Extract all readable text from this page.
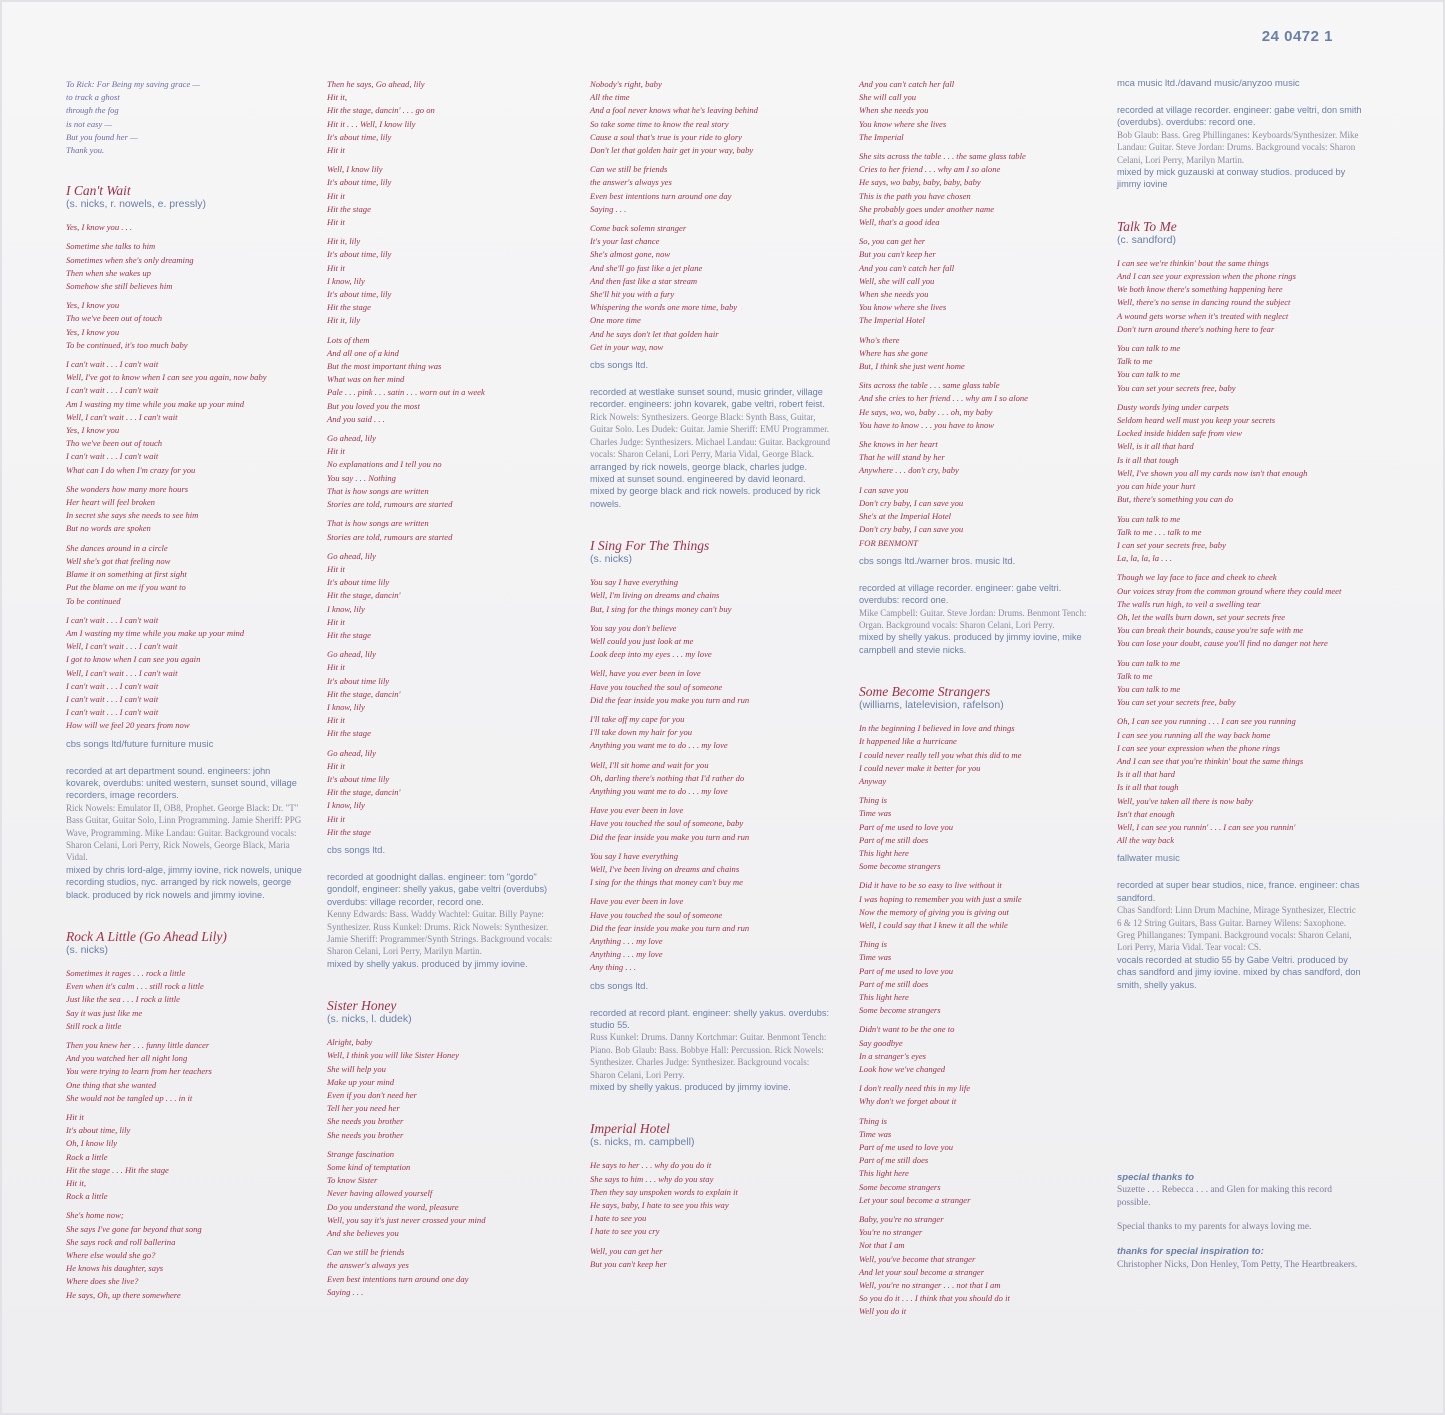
24 0472 1
To Rick: For Being my saving grace —
to track a ghost
through the fog
is not easy —
But you found her —
Thank you.
I Can't Wait
(s. nicks, r. nowels, e. pressly)
Yes, I know you . . .
Sometime she talks to him
Sometimes when she's only dreaming
Then when she wakes up
Somehow she still believes him
Yes, I know you
Tho we've been out of touch
Yes, I know you
To be continued, it's too much baby
I can't wait . . . I can't wait
Well, I've got to know when I can see you again, now baby
I can't wait . . . I can't wait
Am I wasting my time while you make up your mind
Well, I can't wait . . . I can't wait
Yes, I know you
Tho we've been out of touch
I can't wait . . . I can't wait
What can I do when I'm crazy for you
She wonders how many more hours
Her heart will feel broken
In secret she says she needs to see him
But no words are spoken
She dances around in a circle
Well she's got that feeling now
Blame it on something at first sight
Put the blame on me if you want to
To be continued
I can't wait . . . I can't wait
Am I wasting my time while you make up your mind
Well, I can't wait . . . I can't wait
I got to know when I can see you again
Well, I can't wait . . . I can't wait
I can't wait . . . I can't wait
I can't wait . . . I can't wait
I can't wait . . . I can't wait
How will we feel 20 years from now
cbs songs ltd/future furniture music
recorded at art department sound. engineers: john kovarek, overdubs: united western, sunset sound, village recorders, image recorders.
Rick Nowels: Emulator II, OB8, Prophet. George Black: Dr. "T" Bass Guitar, Guitar Solo, Linn Programming. Jamie Sheriff: PPG Wave, Programming. Mike Landau: Guitar. Background vocals: Sharon Celani, Lori Perry, Rick Nowels, George Black, Maria Vidal.
mixed by chris lord-alge, jimmy iovine, rick nowels, unique recording studios, nyc. arranged by rick nowels, george black. produced by rick nowels and jimmy iovine.
Rock A Little (Go Ahead Lily)
(s. nicks)
Sometimes it rages . . . rock a little
Even when it's calm . . . still rock a little
Just like the sea . . . I rock a little
Say it was just like me
Still rock a little
Then you knew her . . . funny little dancer
And you watched her all night long
You were trying to learn from her teachers
One thing that she wanted
She would not be tangled up . . . in it
Hit it
It's about time, lily
Oh, I know lily
Rock a little
Hit the stage . . . Hit the stage
Hit it,
Rock a little
She's home now;
She says I've gone far beyond that song
She says rock and roll ballerina
Where else would she go?
He knows his daughter, says
Where does she live?
He says, Oh, up there somewhere
Then he says, Go ahead, lily
Hit it,
Hit the stage, dancin' . . . go on
Hit it . . . Well, I know lily
It's about time, lily
Hit it
Well, I know lily
It's about time, lily
Hit it
Hit the stage
Hit it
Hit it, lily
It's about time, lily
Hit it
I know, lily
It's about time, lily
Hit the stage
Hit it, lily
Lots of them
And all one of a kind
But the most important thing was
What was on her mind
Pale . . . pink . . . satin . . . worn out in a week
But you loved you the most
And you said . . .
Go ahead, lily
Hit it
No explanations and I tell you no
You say . . . Nothing
That is how songs are written
Stories are told, rumours are started
That is how songs are written
Stories are told, rumours are started
Go ahead, lily
Hit it
It's about time lily
Hit the stage, dancin'
I know, lily
Hit it
Hit the stage
Go ahead, lily
Hit it
It's about time lily
Hit the stage, dancin'
I know, lily
Hit it
Hit the stage
Go ahead, lily
Hit it
It's about time lily
Hit the stage, dancin'
I know, lily
Hit it
Hit the stage
cbs songs ltd.
recorded at goodnight dallas. engineer: tom "gordo" gondolf, engineer: shelly yakus, gabe veltri (overdubs) overdubs: village recorder, record one.
Kenny Edwards: Bass. Waddy Wachtel: Guitar. Billy Payne: Synthesizer. Russ Kunkel: Drums. Rick Nowels: Synthesizer. Jamie Sheriff: Programmer/Synth Strings. Background vocals: Sharon Celani, Lori Perry, Marilyn Martin.
mixed by shelly yakus. produced by jimmy iovine.
Sister Honey
(s. nicks, l. dudek)
Alright, baby
Well, I think you will like Sister Honey
She will help you
Make up your mind
Even if you don't need her
Tell her you need her
She needs you brother
She needs you brother
Strange fascination
Some kind of temptation
To know Sister
Never having allowed yourself
Do you understand the word, pleasure
Well, you say it's just never crossed your mind
And she believes you
Can we still be friends
the answer's always yes
Even best intentions turn around one day
Saying . . .
Nobody's right, baby
All the time
And a fool never knows what he's leaving behind
So take some time to know the real story
Cause a soul that's true is your ride to glory
Don't let that golden hair get in your way, baby
Can we still be friends
the answer's always yes
Even best intentions turn around one day
Saying . . .
Come back solemn stranger
It's your last chance
She's almost gone, now
And she'll go fast like a jet plane
And then fast like a star stream
She'll hit you with a fury
Whispering the words one more time, baby
One more time
And he says don't let that golden hair
Get in your way, now
cbs songs ltd.
recorded at westlake sunset sound, music grinder, village recorder. engineers: john kovarek, gabe veltri, robert feist.
Rick Nowels: Synthesizers. George Black: Synth Bass, Guitar, Guitar Solo. Les Dudek: Guitar. Jamie Sheriff: EMU Programmer. Charles Judge: Synthesizers. Michael Landau: Guitar. Background vocals: Sharon Celani, Lori Perry, Maria Vidal, George Black.
arranged by rick nowels, george black, charles judge. mixed at sunset sound. engineered by david leonard. mixed by george black and rick nowels. produced by rick nowels.
I Sing For The Things
(s. nicks)
You say I have everything
Well, I'm living on dreams and chains
But, I sing for the things money can't buy
You say you don't believe
Well could you just look at me
Look deep into my eyes . . . my love
Well, have you ever been in love
Have you touched the soul of someone
Did the fear inside you make you turn and run
I'll take off my cape for you
I'll take down my hair for you
Anything you want me to do . . . my love
Well, I'll sit home and wait for you
Oh, darling there's nothing that I'd rather do
Anything you want me to do . . . my love
Have you ever been in love
Have you touched the soul of someone, baby
Did the fear inside you make you turn and run
You say I have everything
Well, I've been living on dreams and chains
I sing for the things that money can't buy me
Have you ever been in love
Have you touched the soul of someone
Did the fear inside you make you turn and run
Anything . . . my love
Anything . . . my love
Any thing . . .
cbs songs ltd.
recorded at record plant. engineer: shelly yakus. overdubs: studio 55.
Russ Kunkel: Drums. Danny Kortchmar: Guitar. Benmont Tench: Piano. Bob Glaub: Bass. Bobbye Hall: Percussion. Rick Nowels: Synthesizer. Charles Judge: Synthesizer. Background vocals: Sharon Celani, Lori Perry.
mixed by shelly yakus. produced by jimmy iovine.
Imperial Hotel
(s. nicks, m. campbell)
He says to her . . . why do you do it
She says to him . . . why do you stay
Then they say unspoken words to explain it
He says, baby, I hate to see you this way
I hate to see you
I hate to see you cry
Well, you can get her
But you can't keep her
And you can't catch her fall
She will call you
When she needs you
You know where she lives
The Imperial
She sits across the table . . . the same glass table
Cries to her friend . . . why am I so alone
He says, wo baby, baby, baby, baby
This is the path you have chosen
She probably goes under another name
Well, that's a good idea
So, you can get her
But you can't keep her
And you can't catch her fall
Well, she will call you
When she needs you
You know where she lives
The Imperial Hotel
Who's there
Where has she gone
But, I think she just went home
Sits across the table . . . same glass table
And she cries to her friend . . . why am I so alone
He says, wo, wo, baby . . . oh, my baby
You have to know . . . you have to know
She knows in her heart
That he will stand by her
Anywhere . . . don't cry, baby
I can save you
Don't cry baby, I can save you
She's at the Imperial Hotel
Don't cry baby, I can save you
FOR BENMONT
cbs songs ltd./warner bros. music ltd.
recorded at village recorder. engineer: gabe veltri. overdubs: record one.
Mike Campbell: Guitar. Steve Jordan: Drums. Benmont Tench: Organ. Background vocals: Sharon Celani, Lori Perry.
mixed by shelly yakus. produced by jimmy iovine, mike campbell and stevie nicks.
Some Become Strangers
(williams, latelevision, rafelson)
In the beginning I believed in love and things
It happened like a hurricane
I could never really tell you what this did to me
I could never make it better for you
Anyway
Thing is
Time was
Part of me used to love you
Part of me still does
This light here
Some become strangers
Did it have to be so easy to live without it
I was hoping to remember you with just a smile
Now the memory of giving you is giving out
Well, I could say that I knew it all the while
Thing is
Time was
Part of me used to love you
Part of me still does
This light here
Some become strangers
Didn't want to be the one to
Say goodbye
In a stranger's eyes
Look how we've changed
I don't really need this in my life
Why don't we forget about it
Thing is
Time was
Part of me used to love you
Part of me still does
This light here
Some become strangers
Let your soul become a stranger
Baby, you're no stranger
You're no stranger
Not that I am
Well, you've become that stranger
And let your soul become a stranger
Well, you're no stranger . . . not that I am
So you do it . . . I think that you should do it
Well you do it
mca music ltd./davand music/anyzoo music
recorded at village recorder. engineer: gabe veltri, don smith (overdubs). overdubs: record one.
Bob Glaub: Bass. Greg Phillinganes: Keyboards/Synthesizer. Mike Landau: Guitar. Steve Jordan: Drums. Background vocals: Sharon Celani, Lori Perry, Marilyn Martin.
mixed by mick guzauski at conway studios. produced by jimmy iovine
Talk To Me
(c. sandford)
I can see we're thinkin' bout the same things
And I can see your expression when the phone rings
We both know there's something happening here
Well, there's no sense in dancing round the subject
A wound gets worse when it's treated with neglect
Don't turn around there's nothing here to fear
You can talk to me
Talk to me
You can talk to me
You can set your secrets free, baby
Dusty words lying under carpets
Seldom heard well must you keep your secrets
Locked inside hidden safe from view
Well, is it all that hard
Is it all that tough
Well, I've shown you all my cards now isn't that enough
you can hide your hurt
But, there's something you can do
You can talk to me
Talk to me . . . talk to me
I can set your secrets free, baby
La, la, la, la . . .
Though we lay face to face and cheek to cheek
Our voices stray from the common ground where they could meet
The walls run high, to veil a swelling tear
Oh, let the walls burn down, set your secrets free
You can break their bounds, cause you're safe with me
You can lose your doubt, cause you'll find no danger not here
You can talk to me
Talk to me
You can talk to me
You can set your secrets free, baby
Oh, I can see you running . . . I can see you running
I can see you running all the way back home
I can see your expression when the phone rings
And I can see that you're thinkin' bout the same things
Is it all that hard
Is it all that tough
Well, you've taken all there is now baby
Isn't that enough
Well, I can see you runnin' . . . I can see you runnin'
All the way back
fallwater music
recorded at super bear studios, nice, france. engineer: chas sandford.
Chas Sandford: Linn Drum Machine, Mirage Synthesizer, Electric 6 & 12 String Guitars, Bass Guitar. Barney Wilens: Saxophone. Greg Phillanganes: Tympani. Background vocals: Sharon Celani, Lori Perry, Maria Vidal. Tear vocal: CS.
vocals recorded at studio 55 by Gabe Veltri. produced by chas sandford and jimy iovine. mixed by chas sandford, don smith, shelly yakus.
special thanks to
Suzette . . . Rebecca . . . and Glen for making this record possible.
Special thanks to my parents for always loving me.
thanks for special inspiration to:
Christopher Nicks, Don Henley, Tom Petty, The Heartbreakers.
